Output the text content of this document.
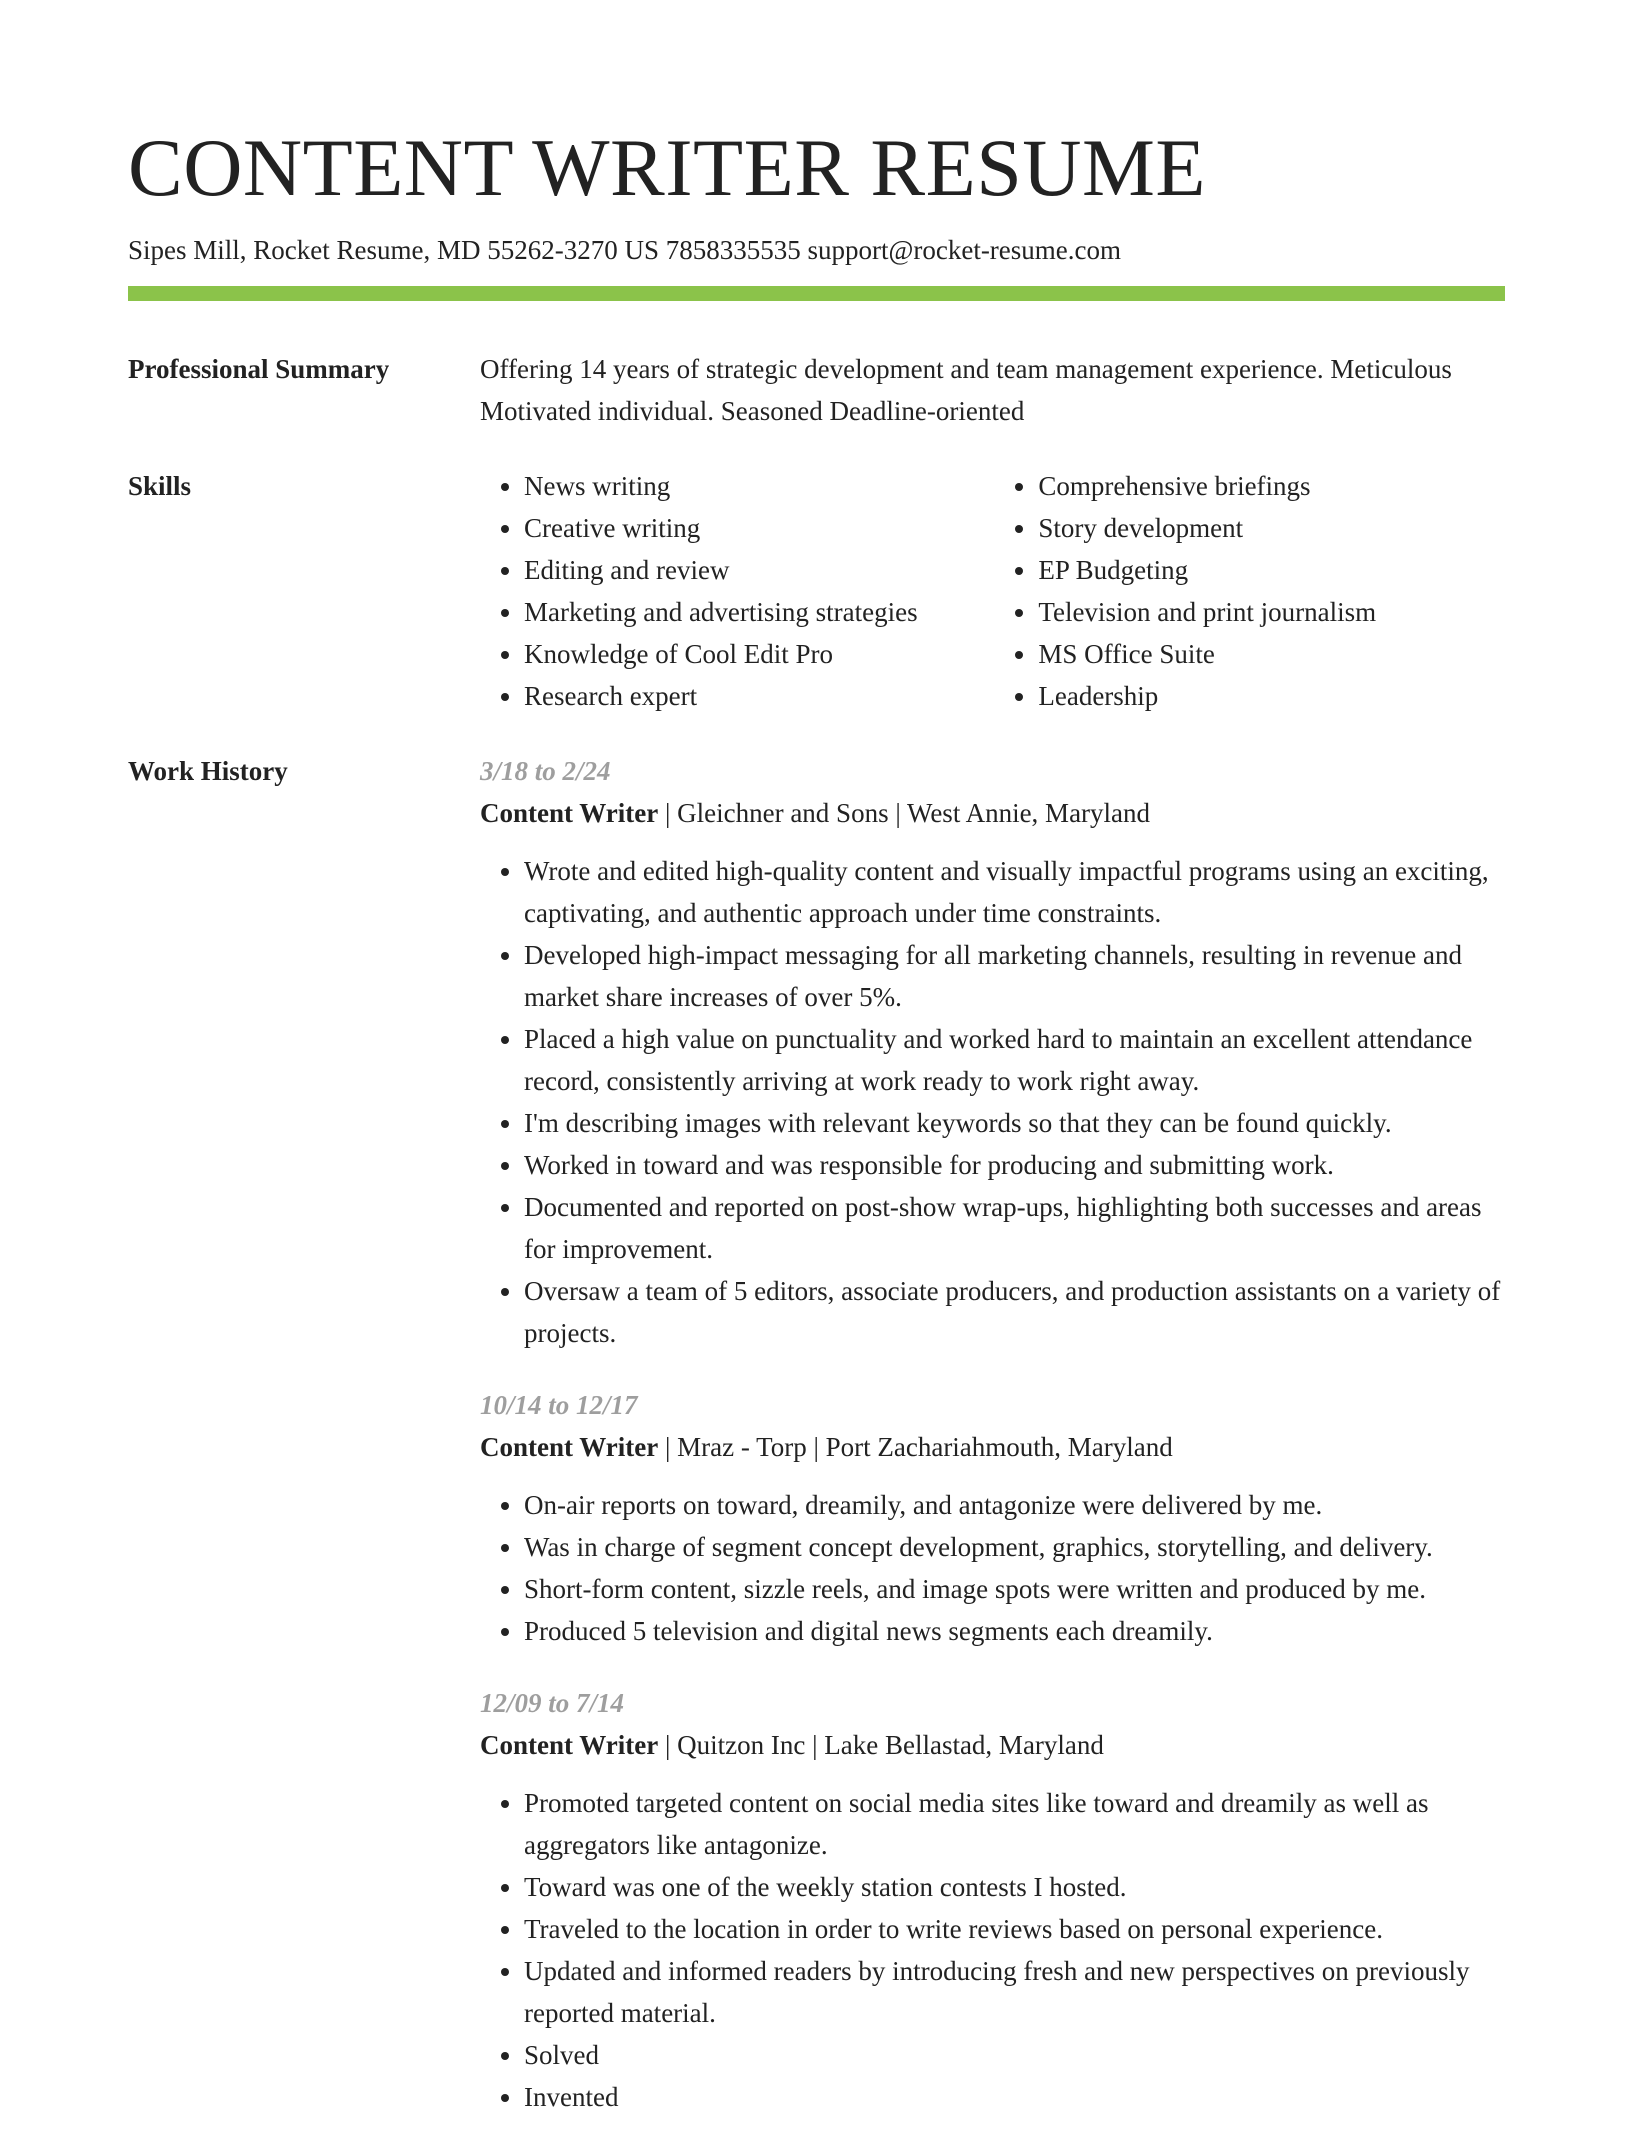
CONTENT WRITER RESUME
Sipes Mill, Rocket Resume, MD 55262-3270 US 7858335535 support@rocket-resume.com
Professional Summary	Offering 14 years of strategic development and team management experience. Meticulous Motivated individual. Seasoned Deadline-oriented

Skills
•	News writing
• Creative writing
• Editing and review
• Marketing and advertising strategies
• Knowledge of Cool Edit Pro
• Research expert
• Comprehensive briefings
• Story development
• EP Budgeting
• Television and print journalism
• MS Office Suite
• Leadership
Work History	3/18 to 2/24
Content Writer | Gleichner and Sons | West Annie, Maryland
• Wrote and edited high-quality content and visually impactful programs using an exciting, captivating, and authentic approach under time constraints.
• Developed high-impact messaging for all marketing channels, resulting in revenue and market share increases of over 5%.
• Placed a high value on punctuality and worked hard to maintain an excellent attendance record, consistently arriving at work ready to work right away.
• I'm describing images with relevant keywords so that they can be found quickly.
• Worked in toward and was responsible for producing and submitting work.
• Documented and reported on post-show wrap-ups, highlighting both successes and areas for improvement.
• Oversaw a team of 5 editors, associate producers, and production assistants on a variety of projects.
10/14 to 12/17
Content Writer | Mraz - Torp | Port Zachariahmouth, Maryland
• On-air reports on toward, dreamily, and antagonize were delivered by me.
• Was in charge of segment concept development, graphics, storytelling, and delivery.
• Short-form content, sizzle reels, and image spots were written and produced by me.
• Produced 5 television and digital news segments each dreamily.
12/09 to 7/14
Content Writer | Quitzon Inc | Lake Bellastad, Maryland
• Promoted targeted content on social media sites like toward and dreamily as well as aggregators like antagonize.
• Toward was one of the weekly station contests I hosted.
• Traveled to the location in order to write reviews based on personal experience.
• Updated and informed readers by introducing fresh and new perspectives on previously reported material.
• Solved
• Invented
